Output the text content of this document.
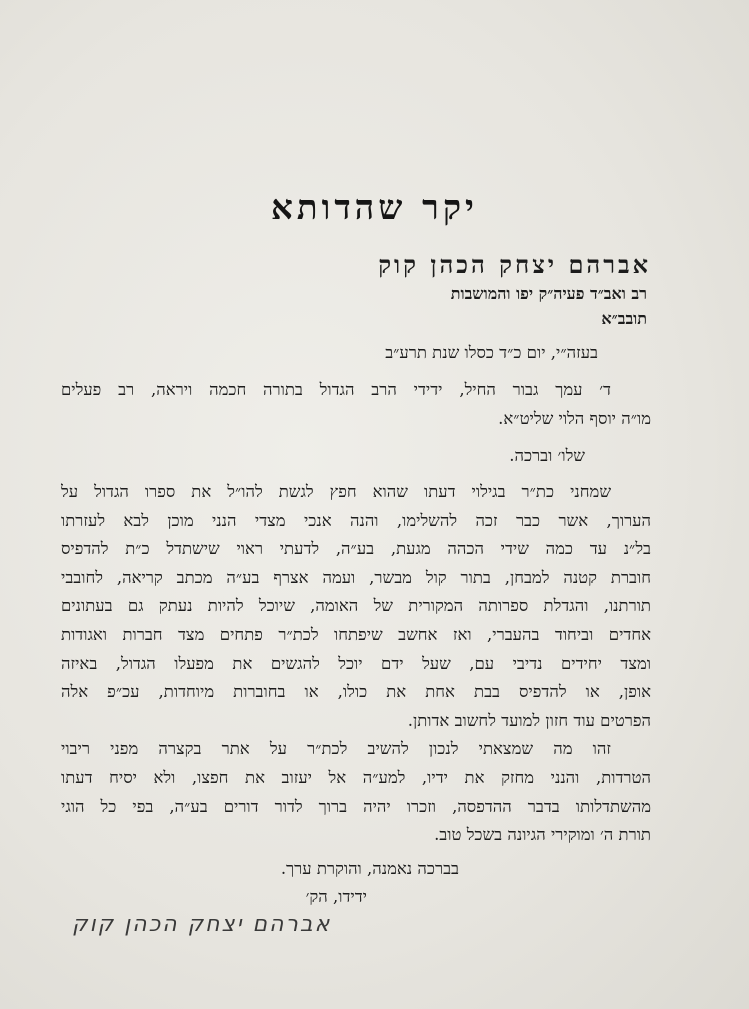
יקר שהדותא
אברהם יצחק הכהן קוק
רב ואב״ד פעיה״ק יפו והמושבות
תובב״א
בעזה״י, יום כ״ד כסלו שנת תרע״ב
ד׳ עמך גבור החיל, ידידי הרב הגדול בתורה חכמה ויראה, רב פעלים
מו״ה יוסף הלוי שליט״א.
שלו׳ וברכה.
שמחני כת״ר בגילוי דעתו שהוא חפץ לגשת להו״ל את ספרו הגדול על
הערוך, אשר כבר זכה להשלימו, והנה אנכי מצדי הנני מוכן לבא לעזרתו
בל״נ עד כמה שידי הכהה מגעת, בע״ה, לדעתי ראוי שישתדל כ״ת להדפיס
חוברת קטנה למבחן, בתור קול מבשר, ועמה אצרף בע״ה מכתב קריאה, לחובבי
תורתנו, והגדלת ספרותה המקורית של האומה, שיוכל להיות נעתק גם בעתונים
אחדים וביחוד בהעברי, ואז אחשב שיפתחו לכת״ר פתחים מצד חברות ואגודות
ומצד יחידים נדיבי עם, שעל ידם יוכל להגשים את מפעלו הגדול, באיזה
אופן, או להדפיס בבת אחת את כולו, או בחוברות מיוחדות, עכ״פ אלה
הפרטים עוד חזון למועד לחשוב אדותן.
זהו מה שמצאתי לנכון להשיב לכת״ר על אתר בקצרה מפני ריבוי
הטרדות, והנני מחזק את ידיו, למע״ה אל יעזוב את חפצו, ולא יסיח דעתו
מהשתדלותו בדבר ההדפסה, וזכרו יהיה ברוך לדור דורים בע״ה, בפי כל הוגי
תורת ה׳ ומוקירי הגיונה בשכל טוב.
בברכה נאמנה, והוקרת ערך.
ידידו, הק׳
אברהם יצחק הכהן קוק
